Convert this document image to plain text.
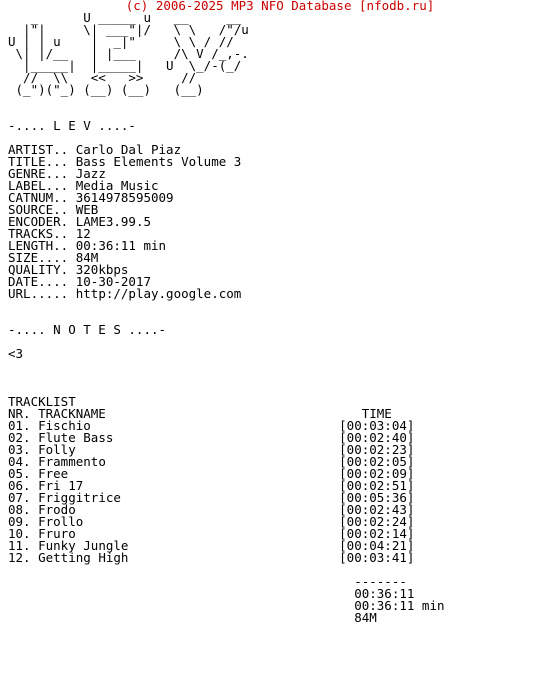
(c) 2006-2025 MP3 NFO Database [nfodb.ru]

_      U _____ u   __     __
|"|     \| ___"|/   \ \   /"/u
U | | u    |  _|"     \ \ / //
\| |/__   | |___     /\ V /_,-.
|_____|  |_____|   U  \_/-(_/
//  \\   <<   >>     //
(_")("_) (__) (__)   (__)

-.... L E V ....-

ARTIST.. Carlo Dal Piaz
TITLE... Bass Elements Volume 3
GENRE... Jazz
LABEL... Media Music
CATNUM.. 3614978595009
SOURCE.. WEB
ENCODER. LAME3.99.5
TRACKS.. 12
LENGTH.. 00:36:11 min
SIZE.... 84M
QUALITY. 320kbps
DATE.... 10-30-2017
URL..... http://play.google.com

-.... N O T E S ....-

<3

TRACKLIST
NR. TRACKNAME	TIME
01. Fischio	[00:03:04]
02. Flute Bass	[00:02:40]
03. Folly	[00:02:23]
04. Frammento	[00:02:05]
05. Free	[00:02:09]
06. Fri 17	[00:02:51]
07. Friggitrice	[00:05:36]
08. Frodo	[00:02:43]
09. Frollo	[00:02:24]
10. Fruro	[00:02:14]
11. Funky Jungle	[00:04:21]
12. Getting High	[00:03:41]

-------
00:36:11
00:36:11 min
84M
